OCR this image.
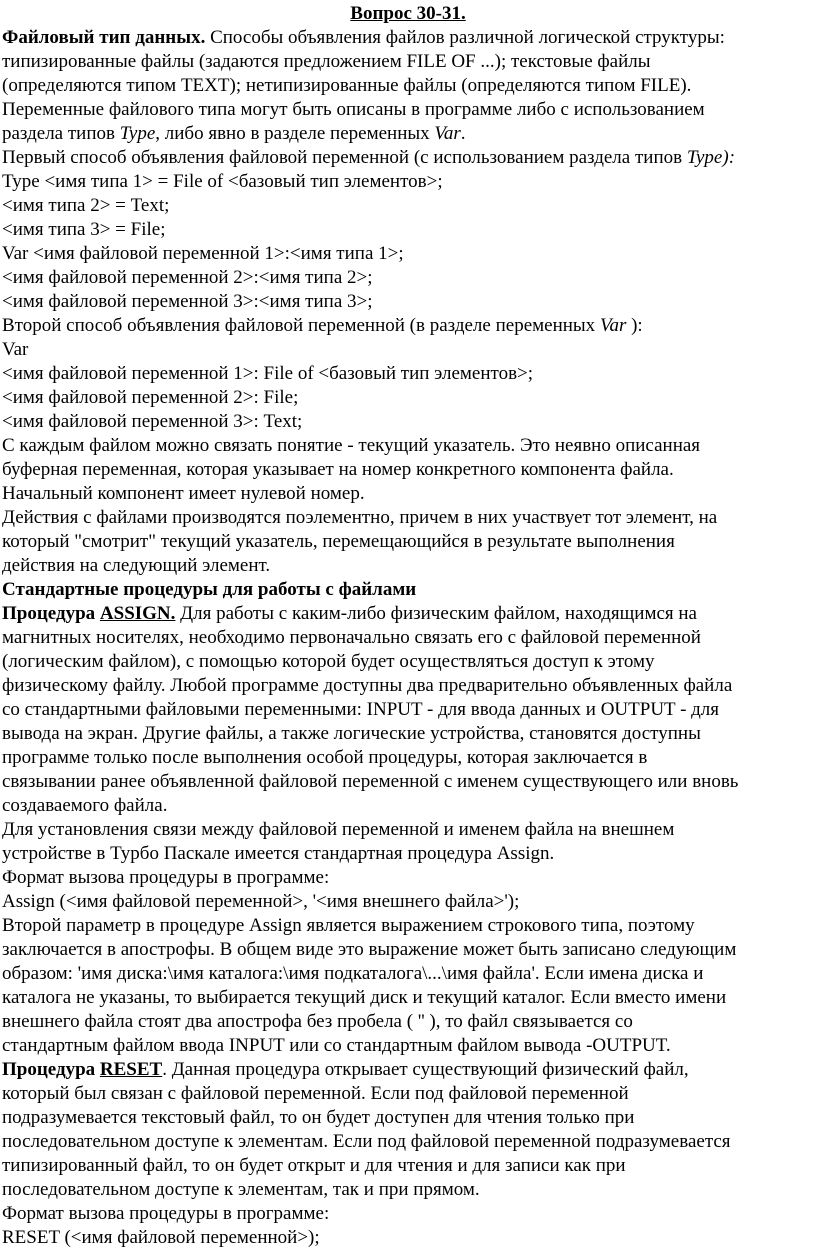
Вопрос 30-31.
Файловый тип данных. Способы объявления файлов различной логической структуры:
типизированные файлы (задаются предложением FILE OF ...); текстовые файлы
(определяются типом TEXT); нетипизированные файлы (определяются типом FILE).
Переменные файлового типа могут быть описаны в программе либо с использованием
раздела типов Type, либо явно в разделе переменных Var.
Первый способ объявления файловой переменной (с использованием раздела типов Type):
Type <имя типа 1> = File of <базовый тип элементов>;
<имя типа 2> = Text;
<имя типа 3> = File;
Var <имя файловой переменной 1>:<имя типа 1>;
<имя файловой переменной 2>:<имя типа 2>;
<имя файловой переменной 3>:<имя типа 3>;
Второй способ объявления файловой переменной (в разделе переменных Var ):
Var
<имя файловой переменной 1>: File of <базовый тип элементов>;
<имя файловой переменной 2>: File;
<имя файловой переменной 3>: Text;
С каждым файлом можно связать понятие - текущий указатель. Это неявно описанная
буферная переменная, которая указывает на номер конкретного компонента файла.
Начальный компонент имеет нулевой номер.
Действия с файлами производятся поэлементно, причем в них участвует тот элемент, на
который "смотрит" текущий указатель, перемещающийся в результате выполнения
действия на следующий элемент.
Стандартные процедуры для работы с файлами
Процедура ASSIGN. Для работы с каким-либо физическим файлом, находящимся на
магнитных носителях, необходимо первоначально связать его с файловой переменной
(логическим файлом), с помощью которой будет осуществляться доступ к этому
физическому файлу. Любой программе доступны два предварительно объявленных файла
со стандартными файловыми переменными: INPUT - для ввода данных и OUTPUT - для
вывода на экран. Другие файлы, а также логические устройства, становятся доступны
программе только после выполнения особой процедуры, которая заключается в
связывании ранее объявленной файловой переменной с именем существующего или вновь
создаваемого файла.
Для установления связи между файловой переменной и именем файла на внешнем
устройстве в Турбо Паскале имеется стандартная процедура Assign.
Формат вызова процедуры в программе:
Assign (<имя файловой переменной>, '<имя внешнего файла>');
Второй параметр в процедуре Assign является выражением строкового типа, поэтому
заключается в апострофы. В общем виде это выражение может быть записано следующим
образом: 'имя диска:\имя каталога:\имя подкаталога\...\имя файла'. Если имена диска и
каталога не указаны, то выбирается текущий диск и текущий каталог. Если вместо имени
внешнего файла стоят два апострофа без пробела ( '' ), то файл связывается со
стандартным файлом ввода INPUT или со стандартным файлом вывода -OUTPUT.
Процедура RESET. Данная процедура открывает существующий физический файл,
который был связан с файловой переменной. Если под файловой переменной
подразумевается текстовый файл, то он будет доступен для чтения только при
последовательном доступе к элементам. Если под файловой переменной подразумевается
типизированный файл, то он будет открыт и для чтения и для записи как при
последовательном доступе к элементам, так и при прямом.
Формат вызова процедуры в программе:
RESET (<имя файловой переменной>);
